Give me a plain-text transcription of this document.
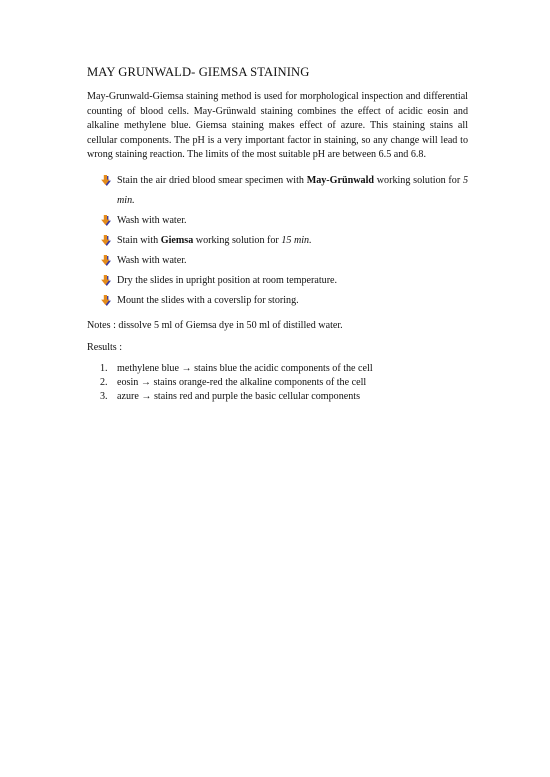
MAY GRUNWALD- GIEMSA STAINING

May-Grunwald-Giemsa staining method is used for morphological inspection and differential counting of blood cells. May-Grünwald staining combines the effect of acidic eosin and alkaline methylene blue. Giemsa staining makes effect of azure. This staining stains all cellular components. The pH is a very important factor in staining, so any change will lead to wrong staining reaction. The limits of the most suitable pH are between 6.5 and 6.8.

Stain the air dried blood smear specimen with May-Grünwald working solution for 5 min.
Wash with water.
Stain with Giemsa working solution for 15 min.
Wash with water.
Dry the slides in upright position at room temperature.
Mount the slides with a coverslip for storing.

Notes : dissolve 5 ml of Giemsa dye in 50 ml of distilled water.

Results :

1. methylene blue → stains blue the acidic components of the cell
2. eosin → stains orange-red the alkaline components of the cell
3. azure → stains red and purple the basic cellular components
